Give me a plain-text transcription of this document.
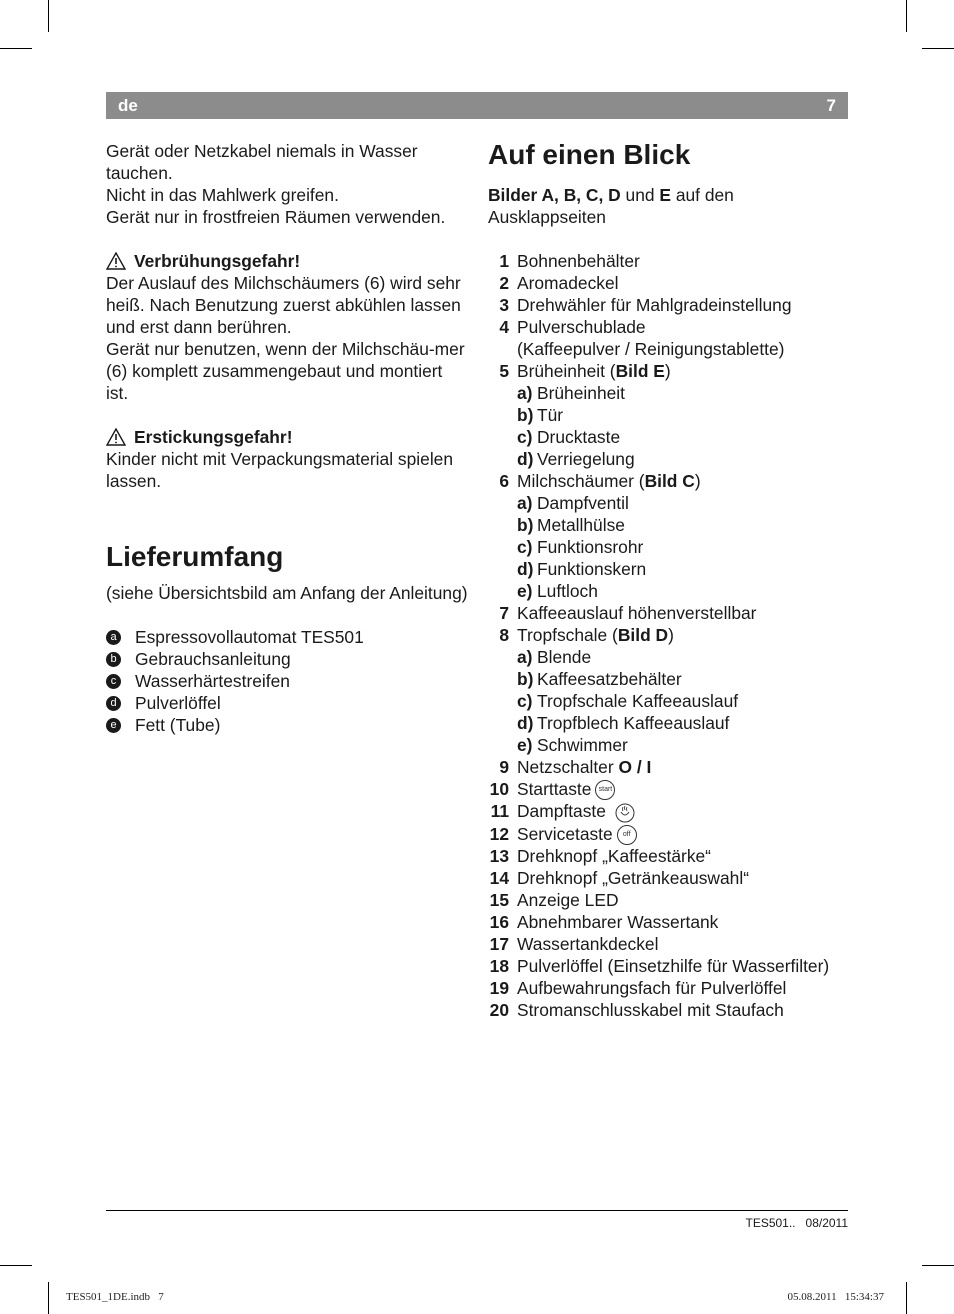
de	7

Gerät oder Netzkabel niemals in Wasser tauchen.

Nicht in das Mahlwerk greifen.

Gerät nur in frostfreien Räumen verwenden.

Verbrühungsgefahr!

Der Auslauf des Milchschäumers (6) wird sehr heiß. Nach Benutzung zuerst abkühlen lassen und erst dann berühren.

Gerät nur benutzen, wenn der Milchschäu-mer (6) komplett zusammengebaut und montiert ist.

Erstickungsgefahr!

Kinder nicht mit Verpackungsmaterial spielen lassen.

Lieferumfang

(siehe Übersichtsbild am Anfang der Anleitung)

a Espressovollautomat TES501
b Gebrauchsanleitung
c Wasserhärtestreifen
d Pulverlöffel
e Fett (Tube)
Auf einen Blick

Bilder A, B, C, D und E auf den Ausklappseiten

1 Bohnenbehälter
2 Aromadeckel
3 Drehwähler für Mahlgradeinstellung
4 Pulverschublade
(Kaffeepulver / Reinigungstablette)
5 Brüheinheit (Bild E)
a) Brüheinheit
b) Tür
c) Drucktaste
d) Verriegelung
6 Milchschäumer (Bild C)
a) Dampfventil
b) Metallhülse
c) Funktionsrohr
d) Funktionskern
e) Luftloch
7 Kaffeeauslauf höhenverstellbar
8 Tropfschale (Bild D)
a) Blende
b) Kaffeesatzbehälter
c) Tropfschale Kaffeeauslauf
d) Tropfblech Kaffeeauslauf
e) Schwimmer
9 Netzschalter O / I
10 Starttaste start
11 Dampftaste
12 Servicetaste off
13 Drehknopf „Kaffeestärke“
14 Drehknopf „Getränkeauswahl“
15 Anzeige LED
16 Abnehmbarer Wassertank
17 Wassertankdeckel
18 Pulverlöffel (Einsetzhilfe für Wasserfilter)
19 Aufbewahrungsfach für Pulverlöffel
20 Stromanschlusskabel mit Staufach
TES501..   08/2011
TES501_1DE.indb   7	05.08.2011   15:34:37
